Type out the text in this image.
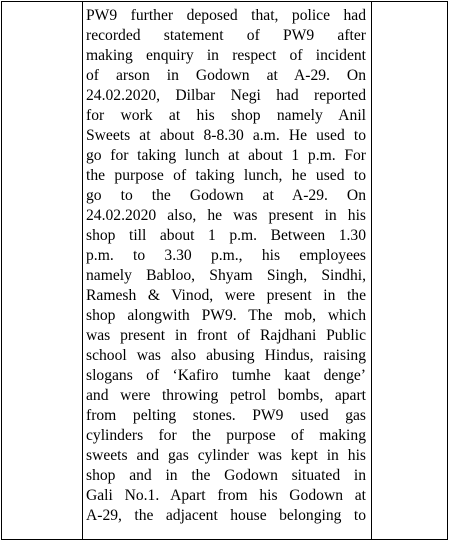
PW9 further deposed that, police had
recorded statement of PW9 after
making enquiry in respect of incident
of arson in Godown at A-29. On
24.02.2020, Dilbar Negi had reported
for work at his shop namely Anil
Sweets at about 8-8.30 a.m. He used to
go for taking lunch at about 1 p.m. For
the purpose of taking lunch, he used to
go to the Godown at A-29. On
24.02.2020 also, he was present in his
shop till about 1 p.m. Between 1.30
p.m. to 3.30 p.m., his employees
namely Babloo, Shyam Singh, Sindhi,
Ramesh & Vinod, were present in the
shop alongwith PW9. The mob, which
was present in front of Rajdhani Public
school was also abusing Hindus, raising
slogans of ‘Kafiro tumhe kaat denge’
and were throwing petrol bombs, apart
from pelting stones. PW9 used gas
cylinders for the purpose of making
sweets and gas cylinder was kept in his
shop and in the Godown situated in
Gali No.1. Apart from his Godown at
A-29, the adjacent house belonging to
